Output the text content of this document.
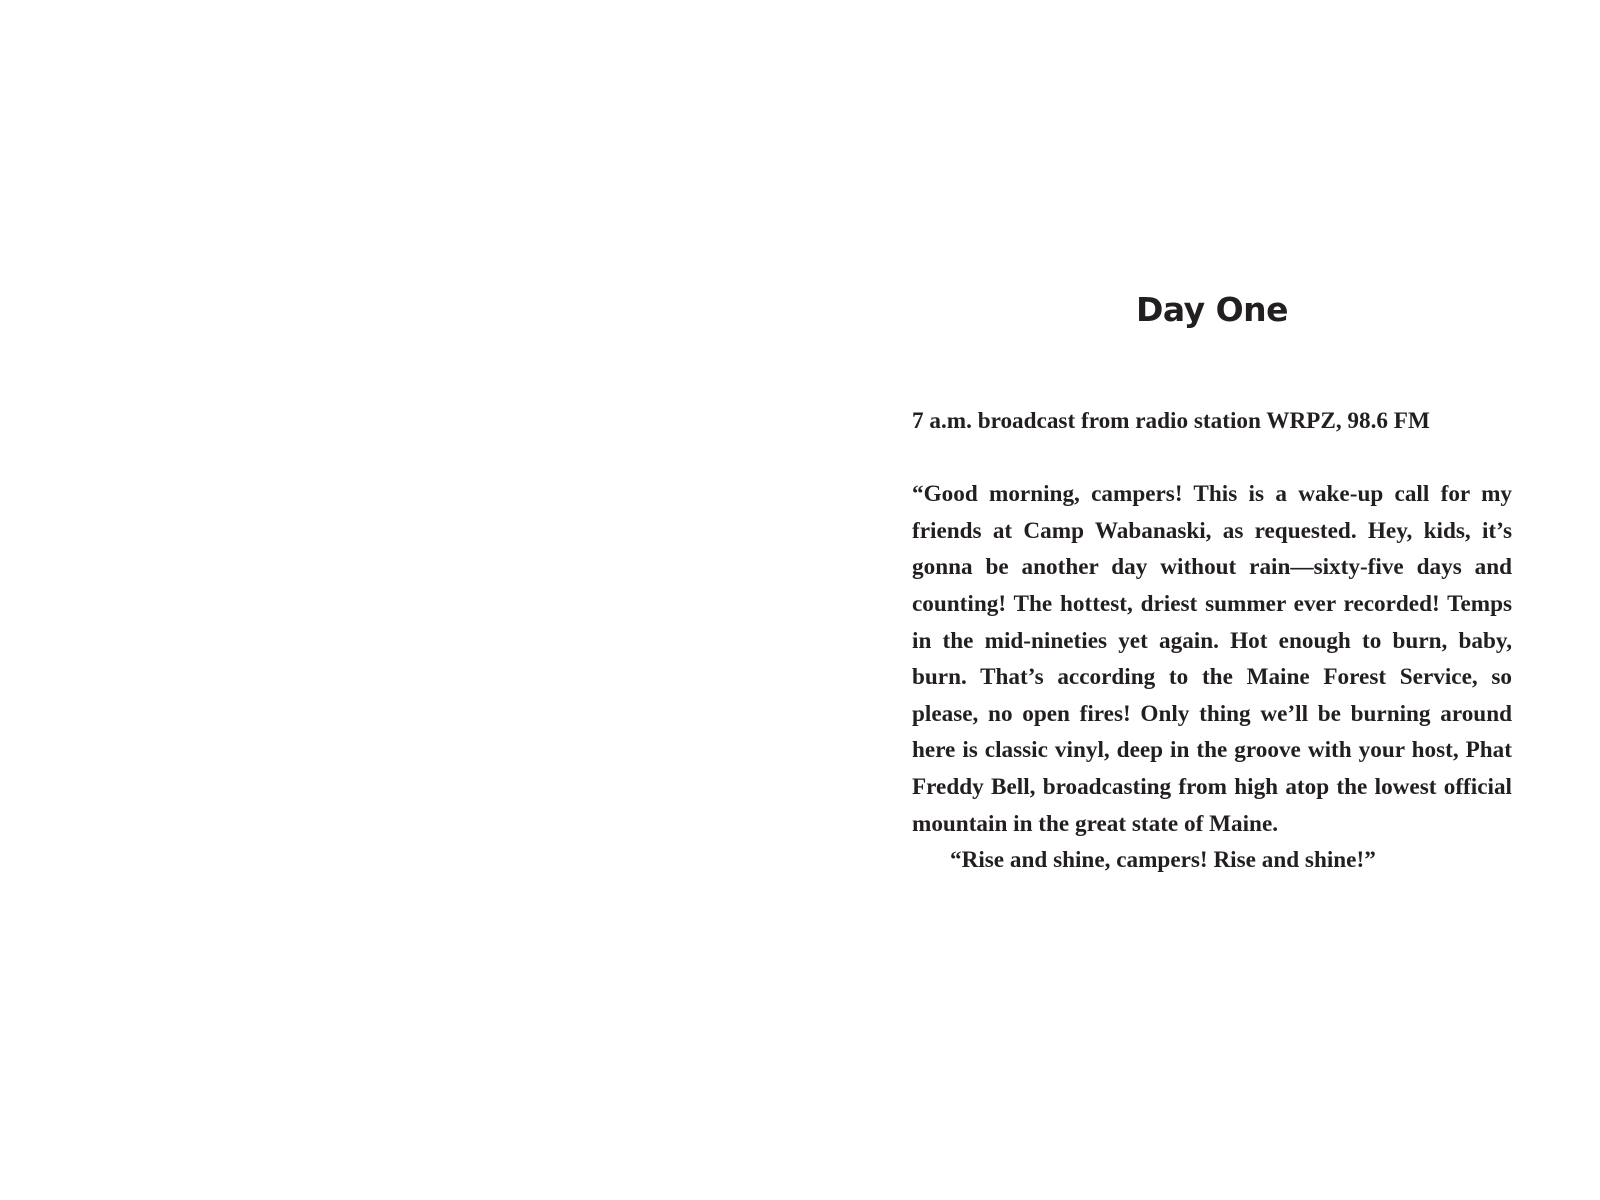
Day One

7 a.m. broadcast from radio station WRPZ, 98.6 FM

“Good morning, campers! This is a wake-up call for my friends at Camp Wabanaski, as requested. Hey, kids, it’s gonna be another day without rain—sixty-five days and counting! The hottest, driest summer ever recorded! Temps in the mid-nineties yet again. Hot enough to burn, baby, burn. That’s according to the Maine Forest Service, so please, no open fires! Only thing we’ll be burning around here is classic vinyl, deep in the groove with your host, Phat Freddy Bell, broadcasting from high atop the lowest official mountain in the great state of Maine.

“Rise and shine, campers! Rise and shine!”
